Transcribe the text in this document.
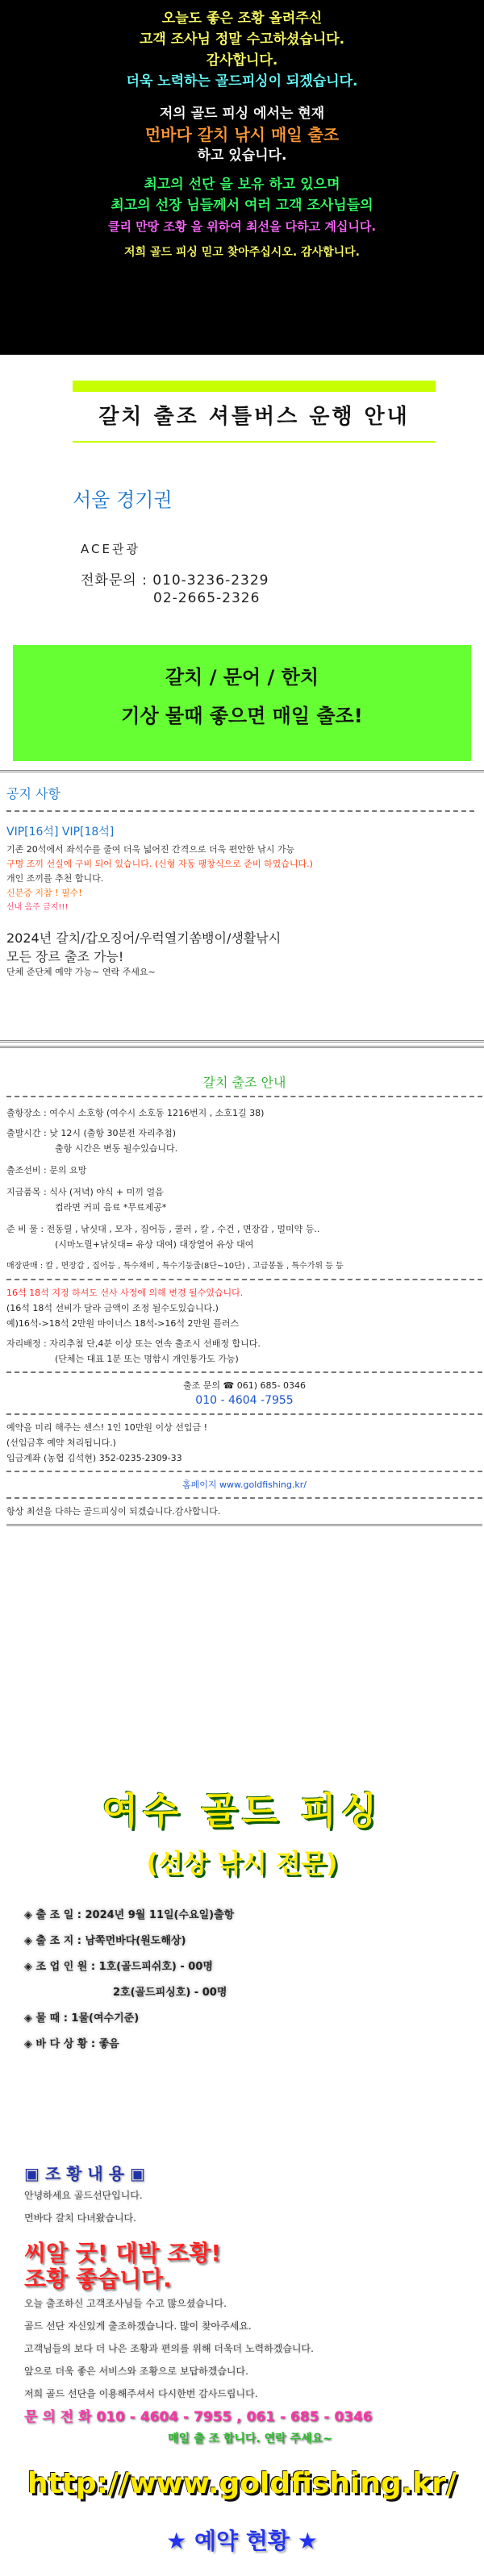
오늘도 좋은 조황 올려주신
고객 조사님 정말 수고하셨습니다.
감사합니다.
더욱 노력하는 골드피싱이 되겠습니다.
저의 골드 피싱 에서는 현재
먼바다 갈치 낚시 매일 출조
하고 있습니다.
최고의 선단 을 보유 하고 있으며
최고의 선장 님들께서 여러 고객 조사님들의
클리 만땅 조황 을 위하여 최선을 다하고 계십니다.
저희 골드 피싱 믿고 찾아주십시오. 감사합니다.
갈치 출조 셔틀버스 운행 안내
서울 경기권
ACE관광
전화문의 : 010-3236-2329
02-2665-2326
갈치 / 문어 / 한치
기상 물때 좋으면 매일 출조!
공지 사항
VIP[16석] VIP[18석]
기존 20석에서 좌석수를 줄여 더욱 넓어진 간격으로 더욱 편안한 낚시 가능
구명 조끼 선실에 구비 되어 있습니다. (신형 자동 팽창식으로 준비 하였습니다.)
개인 조끼를 추천 합니다.
신분증 지참 ! 필수!
선내 음주 금지!!!
2024년 갈치/갑오징어/우럭열기쏨뱅이/생활낚시
모든 장르 출조 가능!
단체 준단체 예약 가능~ 연락 주세요~
갈치 출조 안내
출항장소 : 여수시 소호항 (여수시 소호동 1216번지 , 소호1길 38)
출발시간 : 낮 12시 (출항 30분전 자리추첨)
출항 시간은 변동 될수있습니다.
출조선비 : 문의 요망
지급품목 : 식사 (저녁) 야식 + 미끼 얼음
컵라면 커피 음료 *무료제공*
준 비 물 : 전동릴 , 낚싯대 , 모자 , 집어등 , 쿨러 , 칼 , 수건 , 면장갑 , 멀미약 등..
(시마노릴+낚싯대= 유상 대여) 대장열어 유상 대여
매장판매 : 칼 , 면장갑 , 집어등 , 특수채비 , 특수기둥줄(8단~10단) , 고급봉돌 , 특수가위 등 등
16석 18석 지정 하셔도 선사 사정에 의해 변경 될수있습니다.
(16석 18석 선비가 달라 금액이 조정 될수도있습니다.)
예)16석->18석 2만원 마이너스 18석->16석 2만원 플러스
자리배정 : 자리추첨 단,4분 이상 또는 연속 출조시 선배정 합니다.
(단체는 대표 1분 또는 명함시 개인통가도 가능)
출조 문의 ☎ 061) 685- 0346
010 - 4604 -7955
예약을 미리 해주는 센스! 1인 10만원 이상 선입금 !
(선입금후 예약 처리됩니다.)
입금계좌 (농협 김석현) 352-0235-2309-33
홈페이지 www.goldfishing.kr/
항상 최선을 다하는 골드피싱이 되겠습니다.감사합니다.
여수 골드 피싱
(선상 낚시 전문)
◈ 출 조 일 : 2024년 9월 11일(수요일)출항
◈ 출 조 지 : 남쪽먼바다(원도해상)
◈ 조 업 인 원 : 1호(골드피쉬호) - 00명
2호(골드피싱호) - 00명
◈ 물 때 : 1물(여수기준)
◈ 바 다 상 황 : 좋음
▣ 조 황 내 용 ▣
안녕하세요 골드선단입니다.
먼바다 갈치 다녀왔습니다.
씨알 굿! 대박 조황!
조황 좋습니다.
오늘 출조하신 고객조사님들 수고 많으셨습니다.
골드 선단 자신있게 출조하겠습니다. 많이 찾아주세요.
고객님들의 보다 더 나은 조황과 편의를 위해 더욱더 노력하겠습니다.
앞으로 더욱 좋은 서비스와 조황으로 보답하겠습니다.
저희 골드 선단을 이용해주셔서 다시한번 감사드립니다.
문 의 전 화 010 - 4604 - 7955 , 061 - 685 - 0346
매일 출 조 합니다. 연락 주세요~
http://www.goldfishing.kr/
★ 예약 현황 ★
